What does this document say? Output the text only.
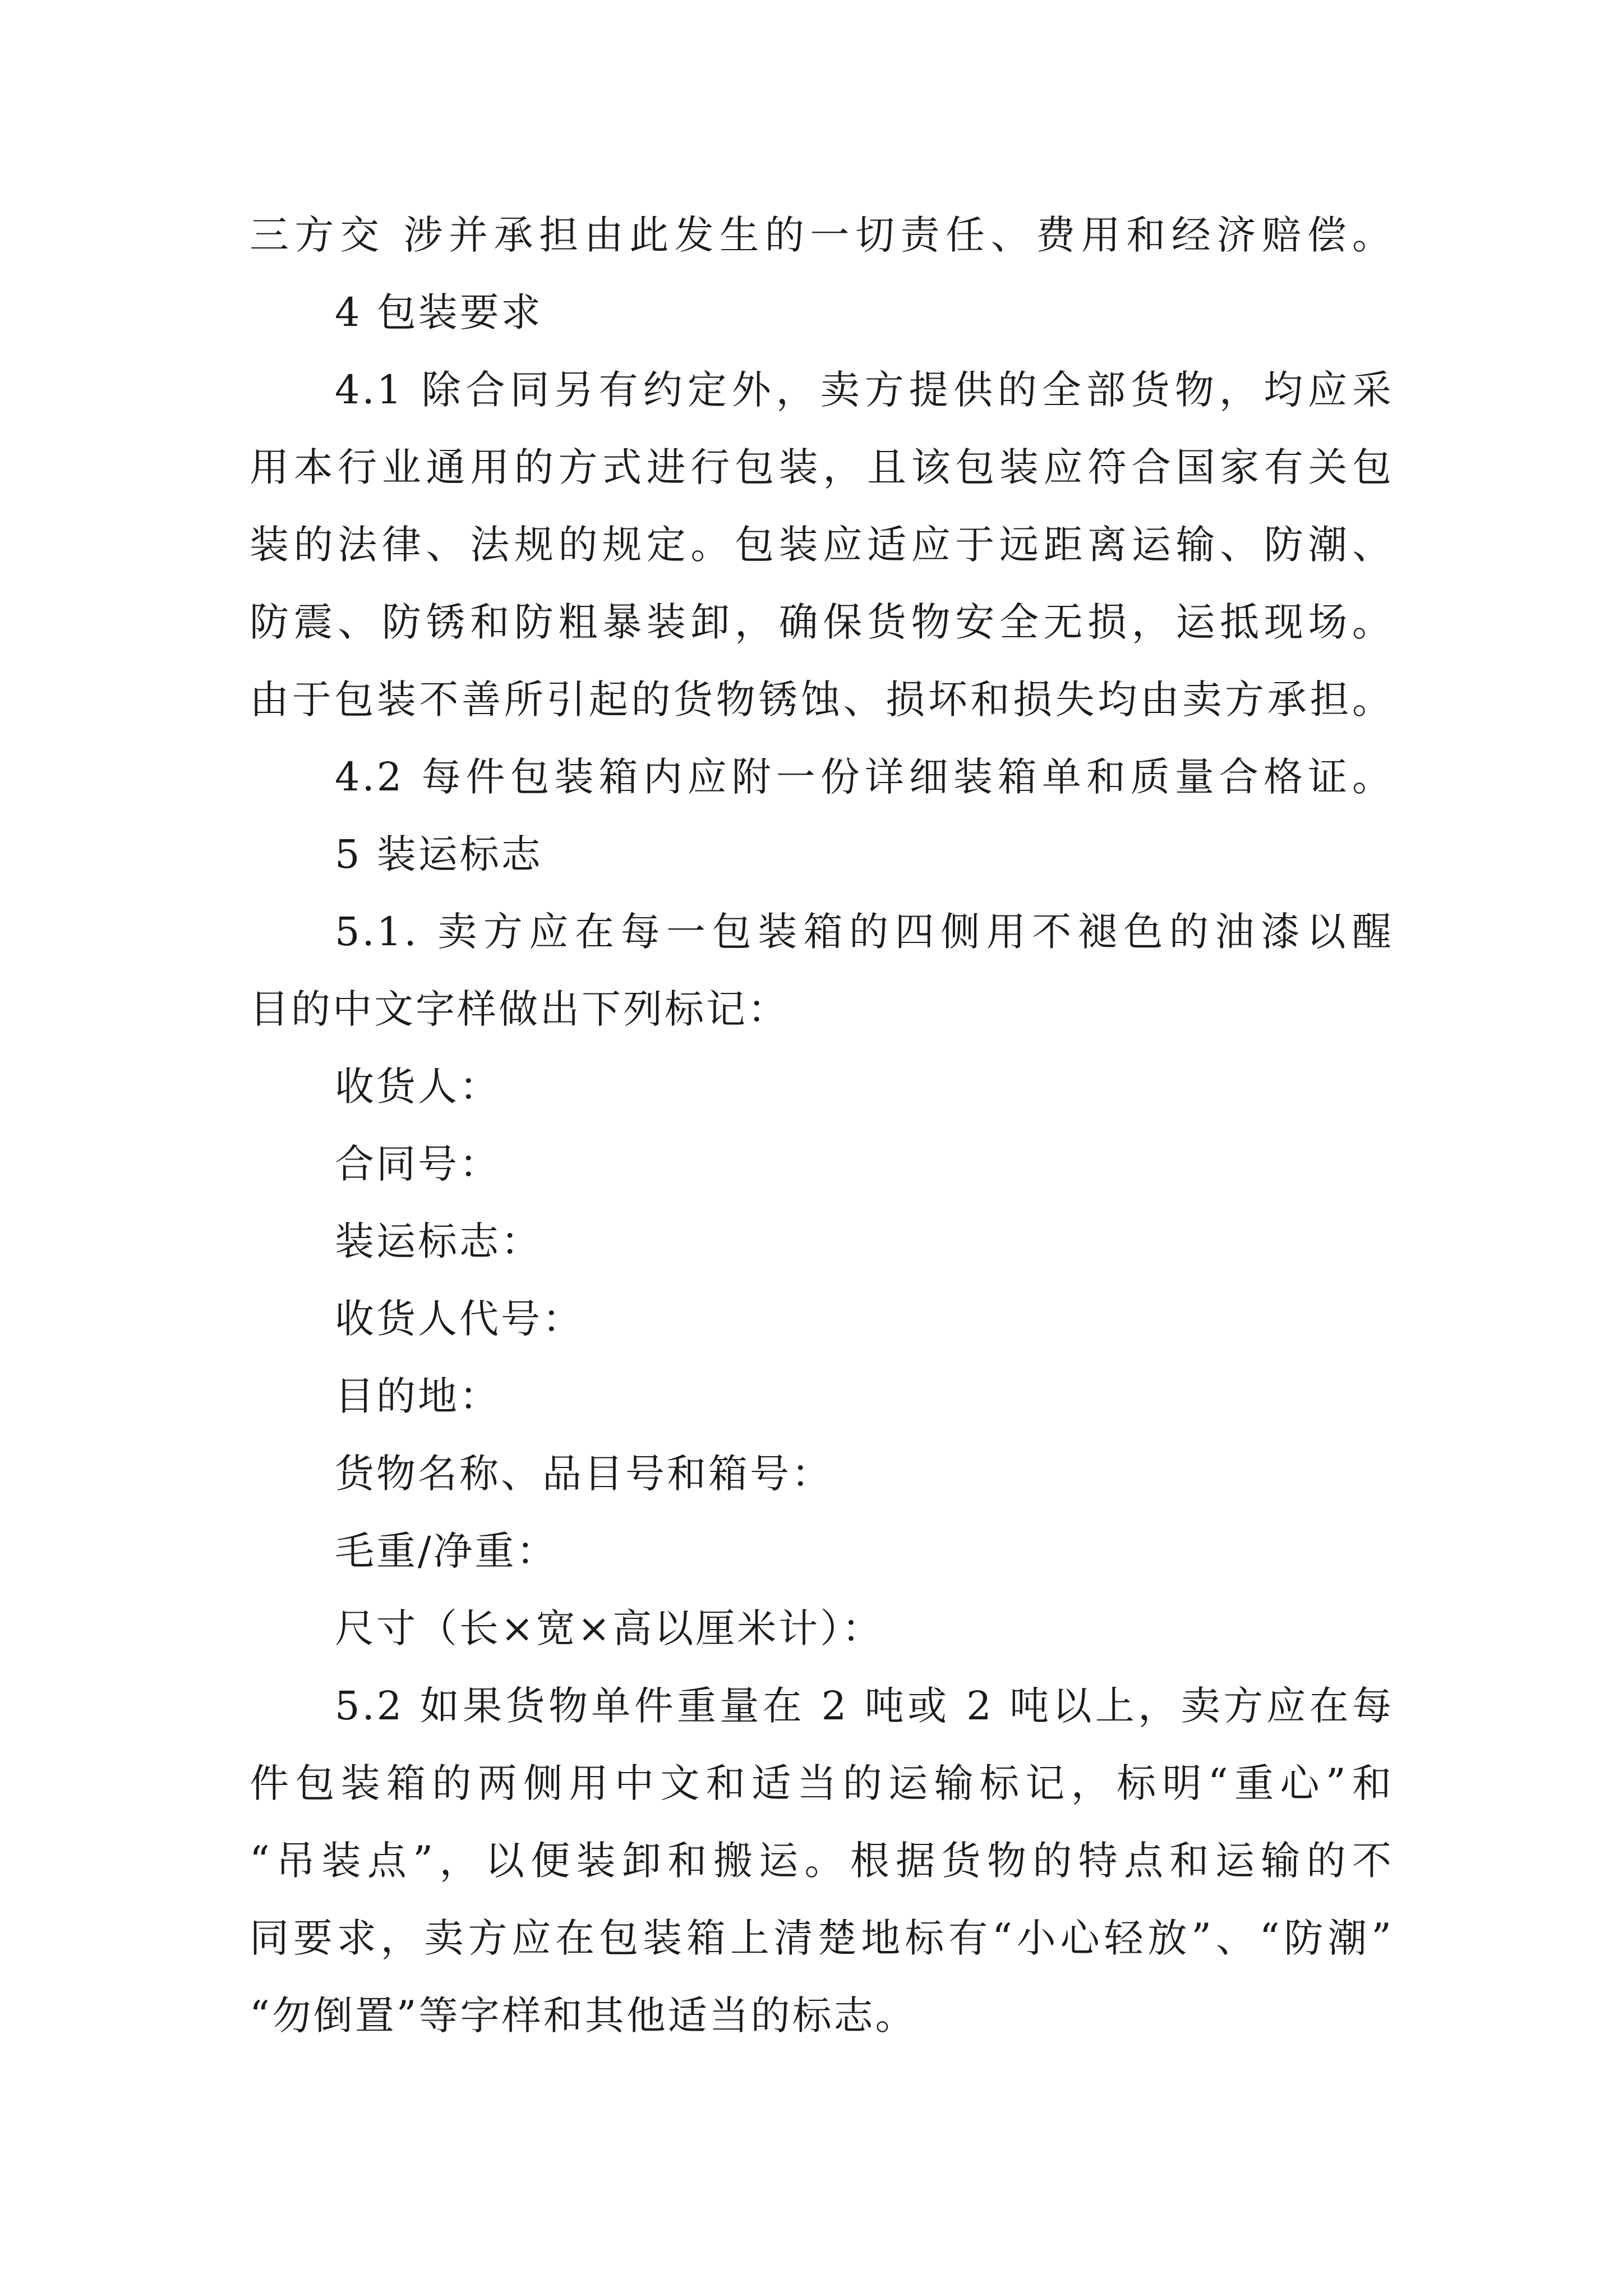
三方交 涉并承担由此发生的一切责任、费用和经济赔偿。
4 包装要求
4.1 除合同另有约定外，卖方提供的全部货物，均应采
用本行业通用的方式进行包装，且该包装应符合国家有关包
装的法律、法规的规定。包装应适应于远距离运输、防潮、
防震、防锈和防粗暴装卸，确保货物安全无损，运抵现场。
由于包装不善所引起的货物锈蚀、损坏和损失均由卖方承担。
4.2 每件包装箱内应附一份详细装箱单和质量合格证。
5 装运标志
5.1. 卖方应在每一包装箱的四侧用不褪色的油漆以醒
目的中文字样做出下列标记：
收货人：
合同号：
装运标志：
收货人代号：
目的地：
货物名称、品目号和箱号：
毛重/净重：
尺寸（长×宽×高以厘米计）：
5.2 如果货物单件重量在 2 吨或 2 吨以上，卖方应在每
件包装箱的两侧用中文和适当的运输标记，标明“重心”和
“吊装点”，以便装卸和搬运。根据货物的特点和运输的不
同要求，卖方应在包装箱上清楚地标有“小心轻放”、“防潮”
“勿倒置”等字样和其他适当的标志。
